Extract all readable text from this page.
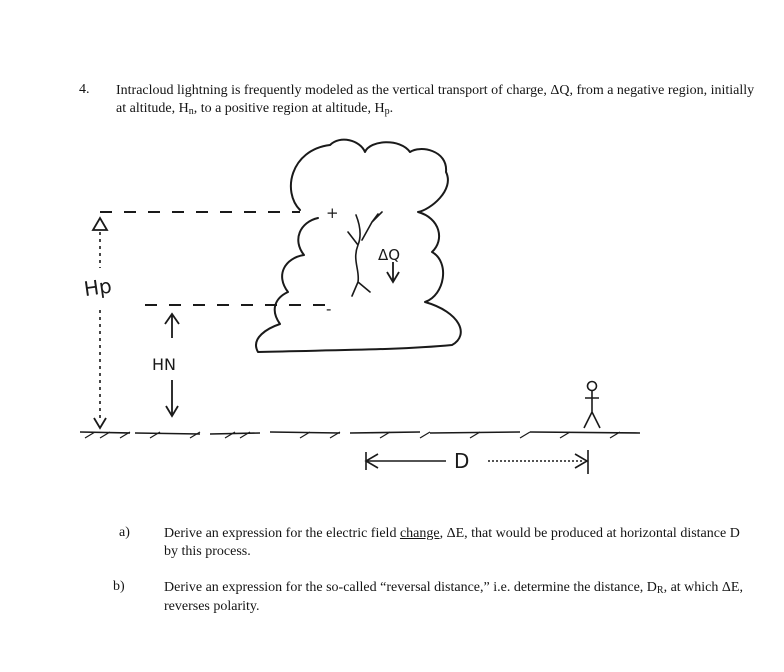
4. Intracloud lightning is frequently modeled as the vertical transport of charge, ΔQ, from a negative region, initially at altitude, Hn, to a positive region at altitude, Hp.
Hp
HN
ΔQ
D
+
-
a) Derive an expression for the electric field change, ΔE, that would be produced at horizontal distance D by this process.
b)	Derive an expression for the so-called “reversal distance,” i.e. determine the distance, DR, at which ΔE, reverses polarity.
